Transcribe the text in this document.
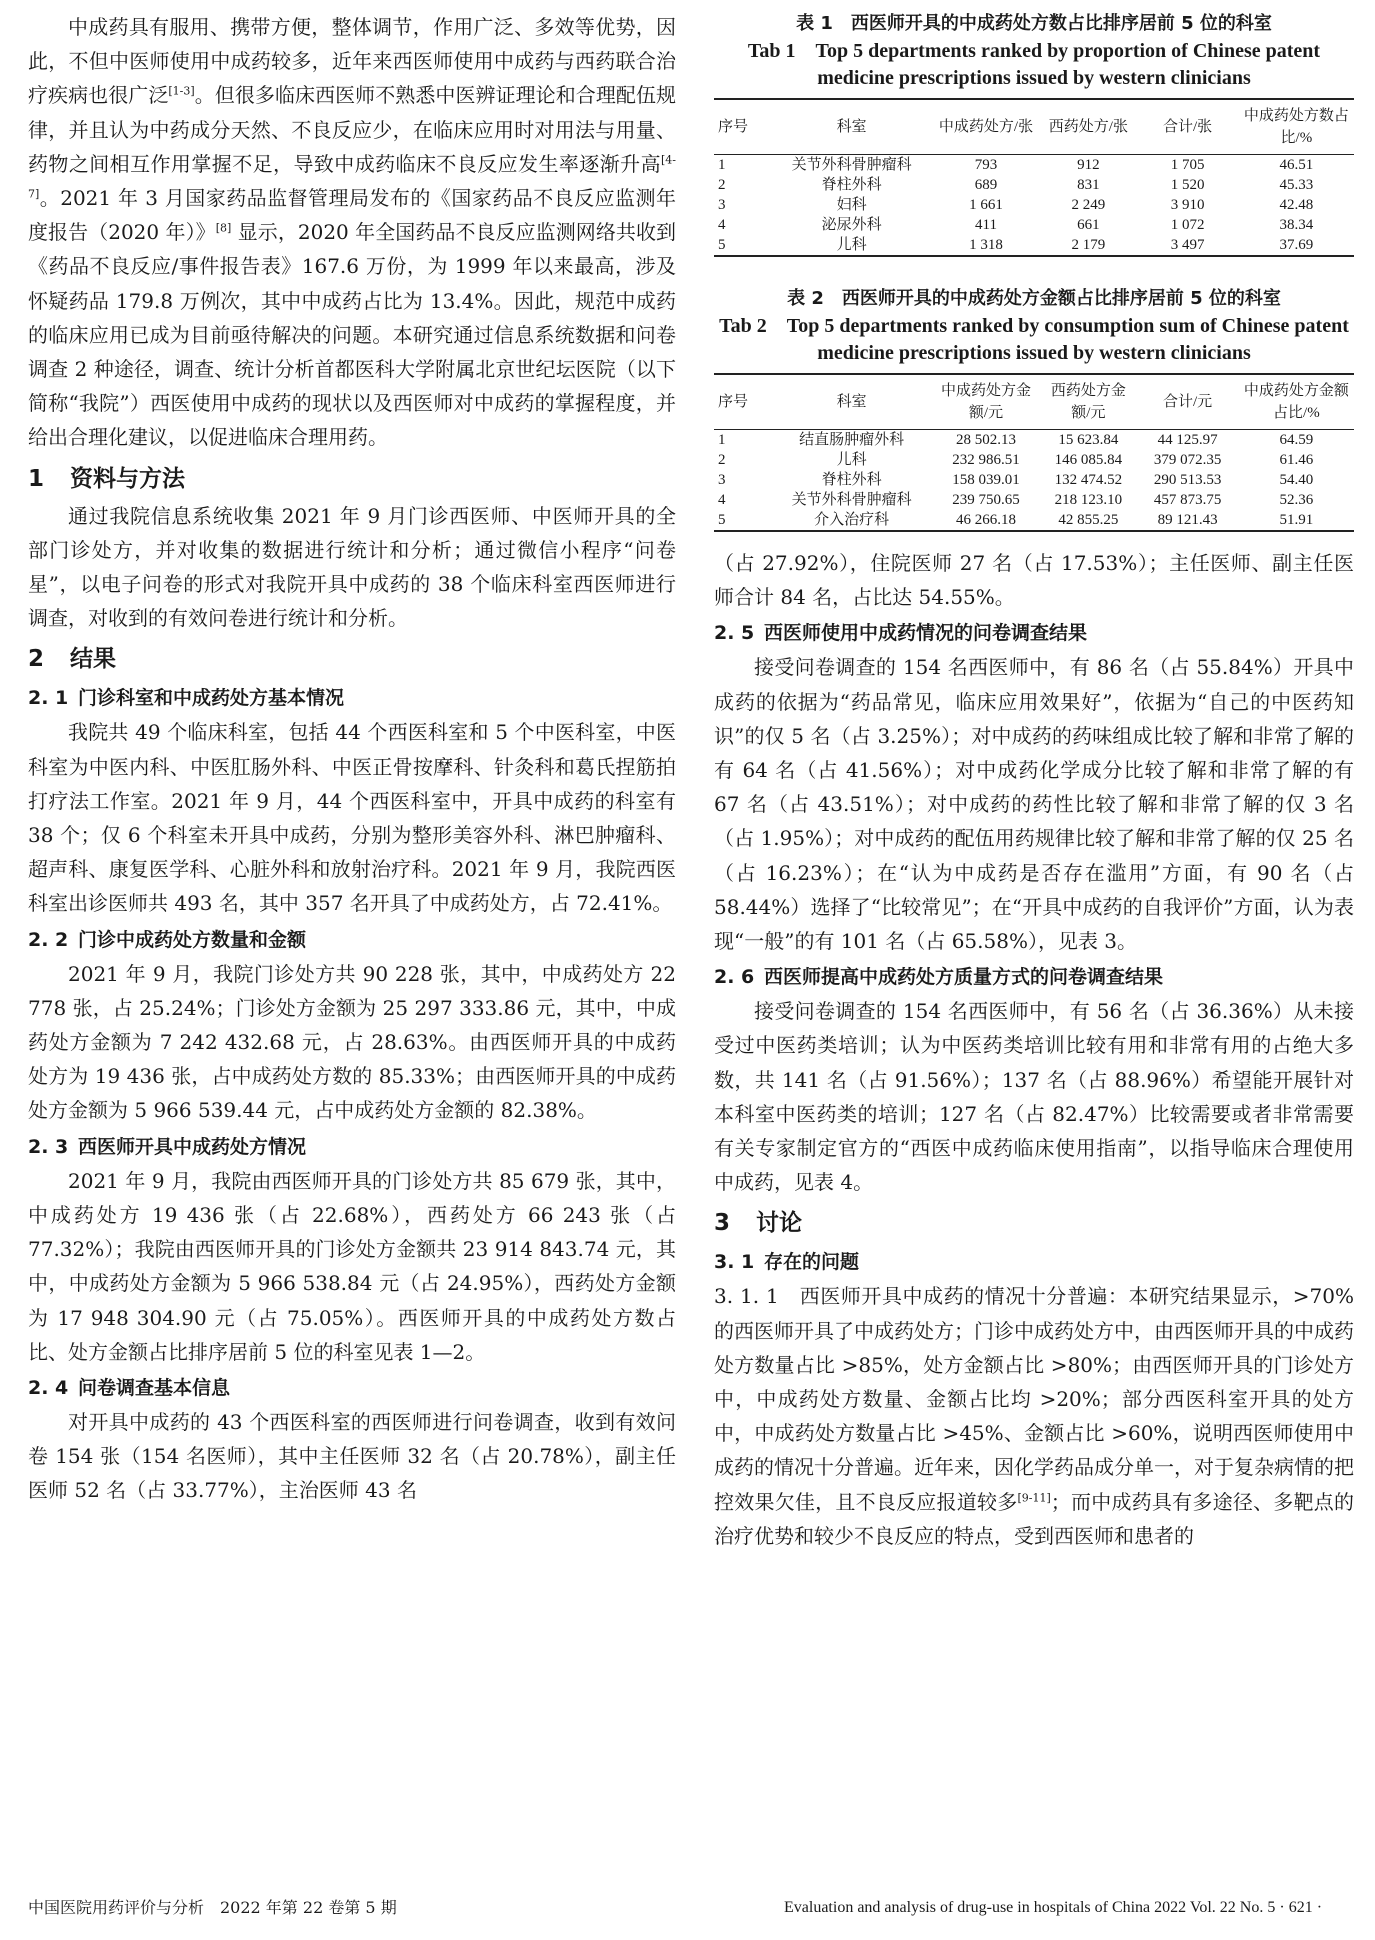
中成药具有服用、携带方便，整体调节，作用广泛、多效等优势，因此，不但中医师使用中成药较多，近年来西医师使用中成药与西药联合治疗疾病也很广泛[1-3]。但很多临床西医师不熟悉中医辨证理论和合理配伍规律，并且认为中药成分天然、不良反应少，在临床应用时对用法与用量、药物之间相互作用掌握不足，导致中成药临床不良反应发生率逐渐升高[4-7]。2021 年 3 月国家药品监督管理局发布的《国家药品不良反应监测年度报告（2020 年）》[8] 显示，2020 年全国药品不良反应监测网络共收到《药品不良反应/事件报告表》167.6 万份，为 1999 年以来最高，涉及怀疑药品 179.8 万例次，其中中成药占比为 13.4%。因此，规范中成药的临床应用已成为目前亟待解决的问题。本研究通过信息系统数据和问卷调查 2 种途径，调查、统计分析首都医科大学附属北京世纪坛医院（以下简称“我院”）西医使用中成药的现状以及西医师对中成药的掌握程度，并给出合理化建议，以促进临床合理用药。

1 资料与方法

通过我院信息系统收集 2021 年 9 月门诊西医师、中医师开具的全部门诊处方，并对收集的数据进行统计和分析；通过微信小程序“问卷星”，以电子问卷的形式对我院开具中成药的 38 个临床科室西医师进行调查，对收到的有效问卷进行统计和分析。

2 结果
2. 1 门诊科室和中成药处方基本情况

我院共 49 个临床科室，包括 44 个西医科室和 5 个中医科室，中医科室为中医内科、中医肛肠外科、中医正骨按摩科、针灸科和葛氏捏筋拍打疗法工作室。2021 年 9 月，44 个西医科室中，开具中成药的科室有 38 个；仅 6 个科室未开具中成药，分别为整形美容外科、淋巴肿瘤科、超声科、康复医学科、心脏外科和放射治疗科。2021 年 9 月，我院西医科室出诊医师共 493 名，其中 357 名开具了中成药处方，占 72.41%。

2. 2 门诊中成药处方数量和金额

2021 年 9 月，我院门诊处方共 90 228 张，其中，中成药处方 22 778 张，占 25.24%；门诊处方金额为 25 297 333.86 元，其中，中成药处方金额为 7 242 432.68 元，占 28.63%。由西医师开具的中成药处方为 19 436 张，占中成药处方数的 85.33%；由西医师开具的中成药处方金额为 5 966 539.44 元，占中成药处方金额的 82.38%。

2. 3 西医师开具中成药处方情况

2021 年 9 月，我院由西医师开具的门诊处方共 85 679 张，其中，中成药处方 19 436 张（占 22.68%），西药处方 66 243 张（占 77.32%）；我院由西医师开具的门诊处方金额共 23 914 843.74 元，其中，中成药处方金额为 5 966 538.84 元（占 24.95%），西药处方金额为 17 948 304.90 元（占 75.05%）。西医师开具的中成药处方数占比、处方金额占比排序居前 5 位的科室见表 1—2。

2. 4 问卷调查基本信息

对开具中成药的 43 个西医科室的西医师进行问卷调查，收到有效问卷 154 张（154 名医师），其中主任医师 32 名（占 20.78%），副主任医师 52 名（占 33.77%），主治医师 43 名

表 1　西医师开具的中成药处方数占比排序居前 5 位的科室
Tab 1　Top 5 departments ranked by proportion of Chinese patent medicine prescriptions issued by western clinicians
序号	科室	中成药处方/张	西药处方/张	合计/张	中成药处方数占比/%
1	关节外科骨肿瘤科	793	912	1 705	46.51
2	脊柱外科	689	831	1 520	45.33
3	妇科	1 661	2 249	3 910	42.48
4	泌尿外科	411	661	1 072	38.34
5	儿科	1 318	2 179	3 497	37.69
表 2　西医师开具的中成药处方金额占比排序居前 5 位的科室
Tab 2　Top 5 departments ranked by consumption sum of Chinese patent medicine prescriptions issued by western clinicians
序号	科室	中成药处方金额/元	西药处方金额/元	合计/元	中成药处方金额占比/%
1	结直肠肿瘤外科	28 502.13	15 623.84	44 125.97	64.59
2	儿科	232 986.51	146 085.84	379 072.35	61.46
3	脊柱外科	158 039.01	132 474.52	290 513.53	54.40
4	关节外科骨肿瘤科	239 750.65	218 123.10	457 873.75	52.36
5	介入治疗科	46 266.18	42 855.25	89 121.43	51.91

（占 27.92%），住院医师 27 名（占 17.53%）；主任医师、副主任医师合计 84 名，占比达 54.55%。

2. 5 西医师使用中成药情况的问卷调查结果

接受问卷调查的 154 名西医师中，有 86 名（占 55.84%）开具中成药的依据为“药品常见，临床应用效果好”，依据为“自己的中医药知识”的仅 5 名（占 3.25%）；对中成药的药味组成比较了解和非常了解的有 64 名（占 41.56%）；对中成药化学成分比较了解和非常了解的有 67 名（占 43.51%）；对中成药的药性比较了解和非常了解的仅 3 名（占 1.95%）；对中成药的配伍用药规律比较了解和非常了解的仅 25 名（占 16.23%）；在“认为中成药是否存在滥用”方面，有 90 名（占 58.44%）选择了“比较常见”；在“开具中成药的自我评价”方面，认为表现“一般”的有 101 名（占 65.58%），见表 3。

2. 6 西医师提高中成药处方质量方式的问卷调查结果

接受问卷调查的 154 名西医师中，有 56 名（占 36.36%）从未接受过中医药类培训；认为中医药类培训比较有用和非常有用的占绝大多数，共 141 名（占 91.56%）；137 名（占 88.96%）希望能开展针对本科室中医药类的培训；127 名（占 82.47%）比较需要或者非常需要有关专家制定官方的“西医中成药临床使用指南”，以指导临床合理使用中成药，见表 4。

3 讨论
3. 1 存在的问题

3. 1. 1　西医师开具中成药的情况十分普遍：本研究结果显示，>70% 的西医师开具了中成药处方；门诊中成药处方中，由西医师开具的中成药处方数量占比 >85%，处方金额占比 >80%；由西医师开具的门诊处方中，中成药处方数量、金额占比均 >20%；部分西医科室开具的处方中，中成药处方数量占比 >45%、金额占比 >60%，说明西医师使用中成药的情况十分普遍。近年来，因化学药品成分单一，对于复杂病情的把控效果欠佳，且不良反应报道较多[9-11]；而中成药具有多途径、多靶点的治疗优势和较少不良反应的特点，受到西医师和患者的

中国医院用药评价与分析　2022 年第 22 卷第 5 期	Evaluation and analysis of drug-use in hospitals of China 2022 Vol. 22 No. 5 · 621 ·
